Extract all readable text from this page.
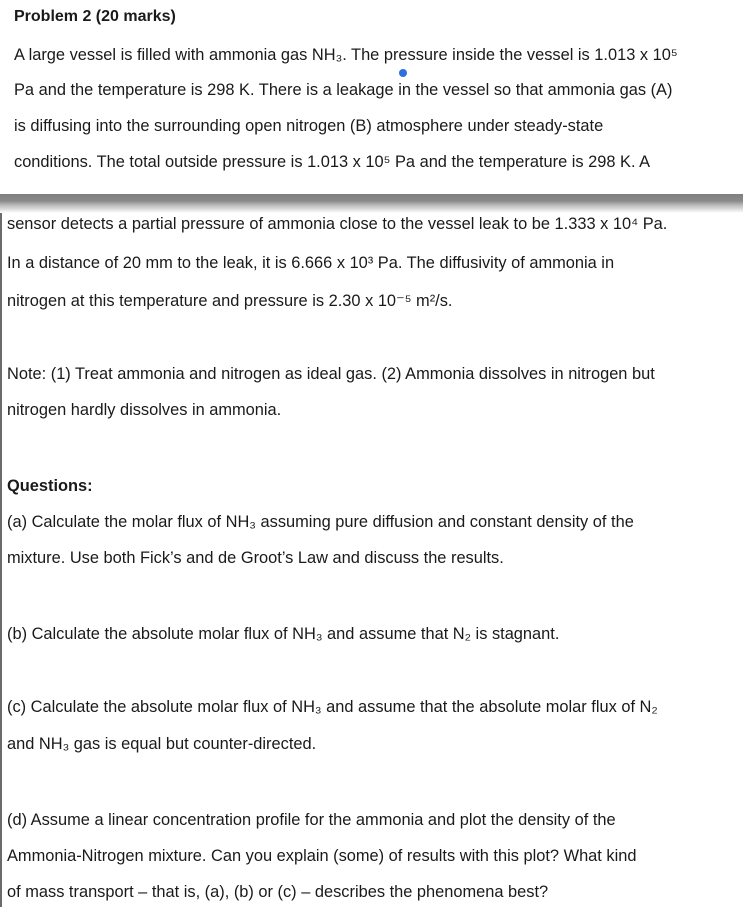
Problem 2 (20 marks)
A large vessel is filled with ammonia gas NH₃. The pressure inside the vessel is 1.013 x 10⁵
Pa and the temperature is 298 K. There is a leakage in the vessel so that ammonia gas (A)
is diffusing into the surrounding open nitrogen (B) atmosphere under steady-state
conditions. The total outside pressure is 1.013 x 10⁵ Pa and the temperature is 298 K. A
sensor detects a partial pressure of ammonia close to the vessel leak to be 1.333 x 10⁴ Pa.
In a distance of 20 mm to the leak, it is 6.666 x 10³ Pa. The diffusivity of ammonia in
nitrogen at this temperature and pressure is 2.30 x 10⁻⁵ m²/s.
Note: (1) Treat ammonia and nitrogen as ideal gas. (2) Ammonia dissolves in nitrogen but
nitrogen hardly dissolves in ammonia.
Questions:
(a) Calculate the molar flux of NH₃ assuming pure diffusion and constant density of the
mixture. Use both Fick’s and de Groot’s Law and discuss the results.
(b) Calculate the absolute molar flux of NH₃ and assume that N₂ is stagnant.
(c) Calculate the absolute molar flux of NH₃ and assume that the absolute molar flux of N₂
and NH₃ gas is equal but counter-directed.
(d) Assume a linear concentration profile for the ammonia and plot the density of the
Ammonia-Nitrogen mixture. Can you explain (some) of results with this plot? What kind
of mass transport – that is, (a), (b) or (c) – describes the phenomena best?
